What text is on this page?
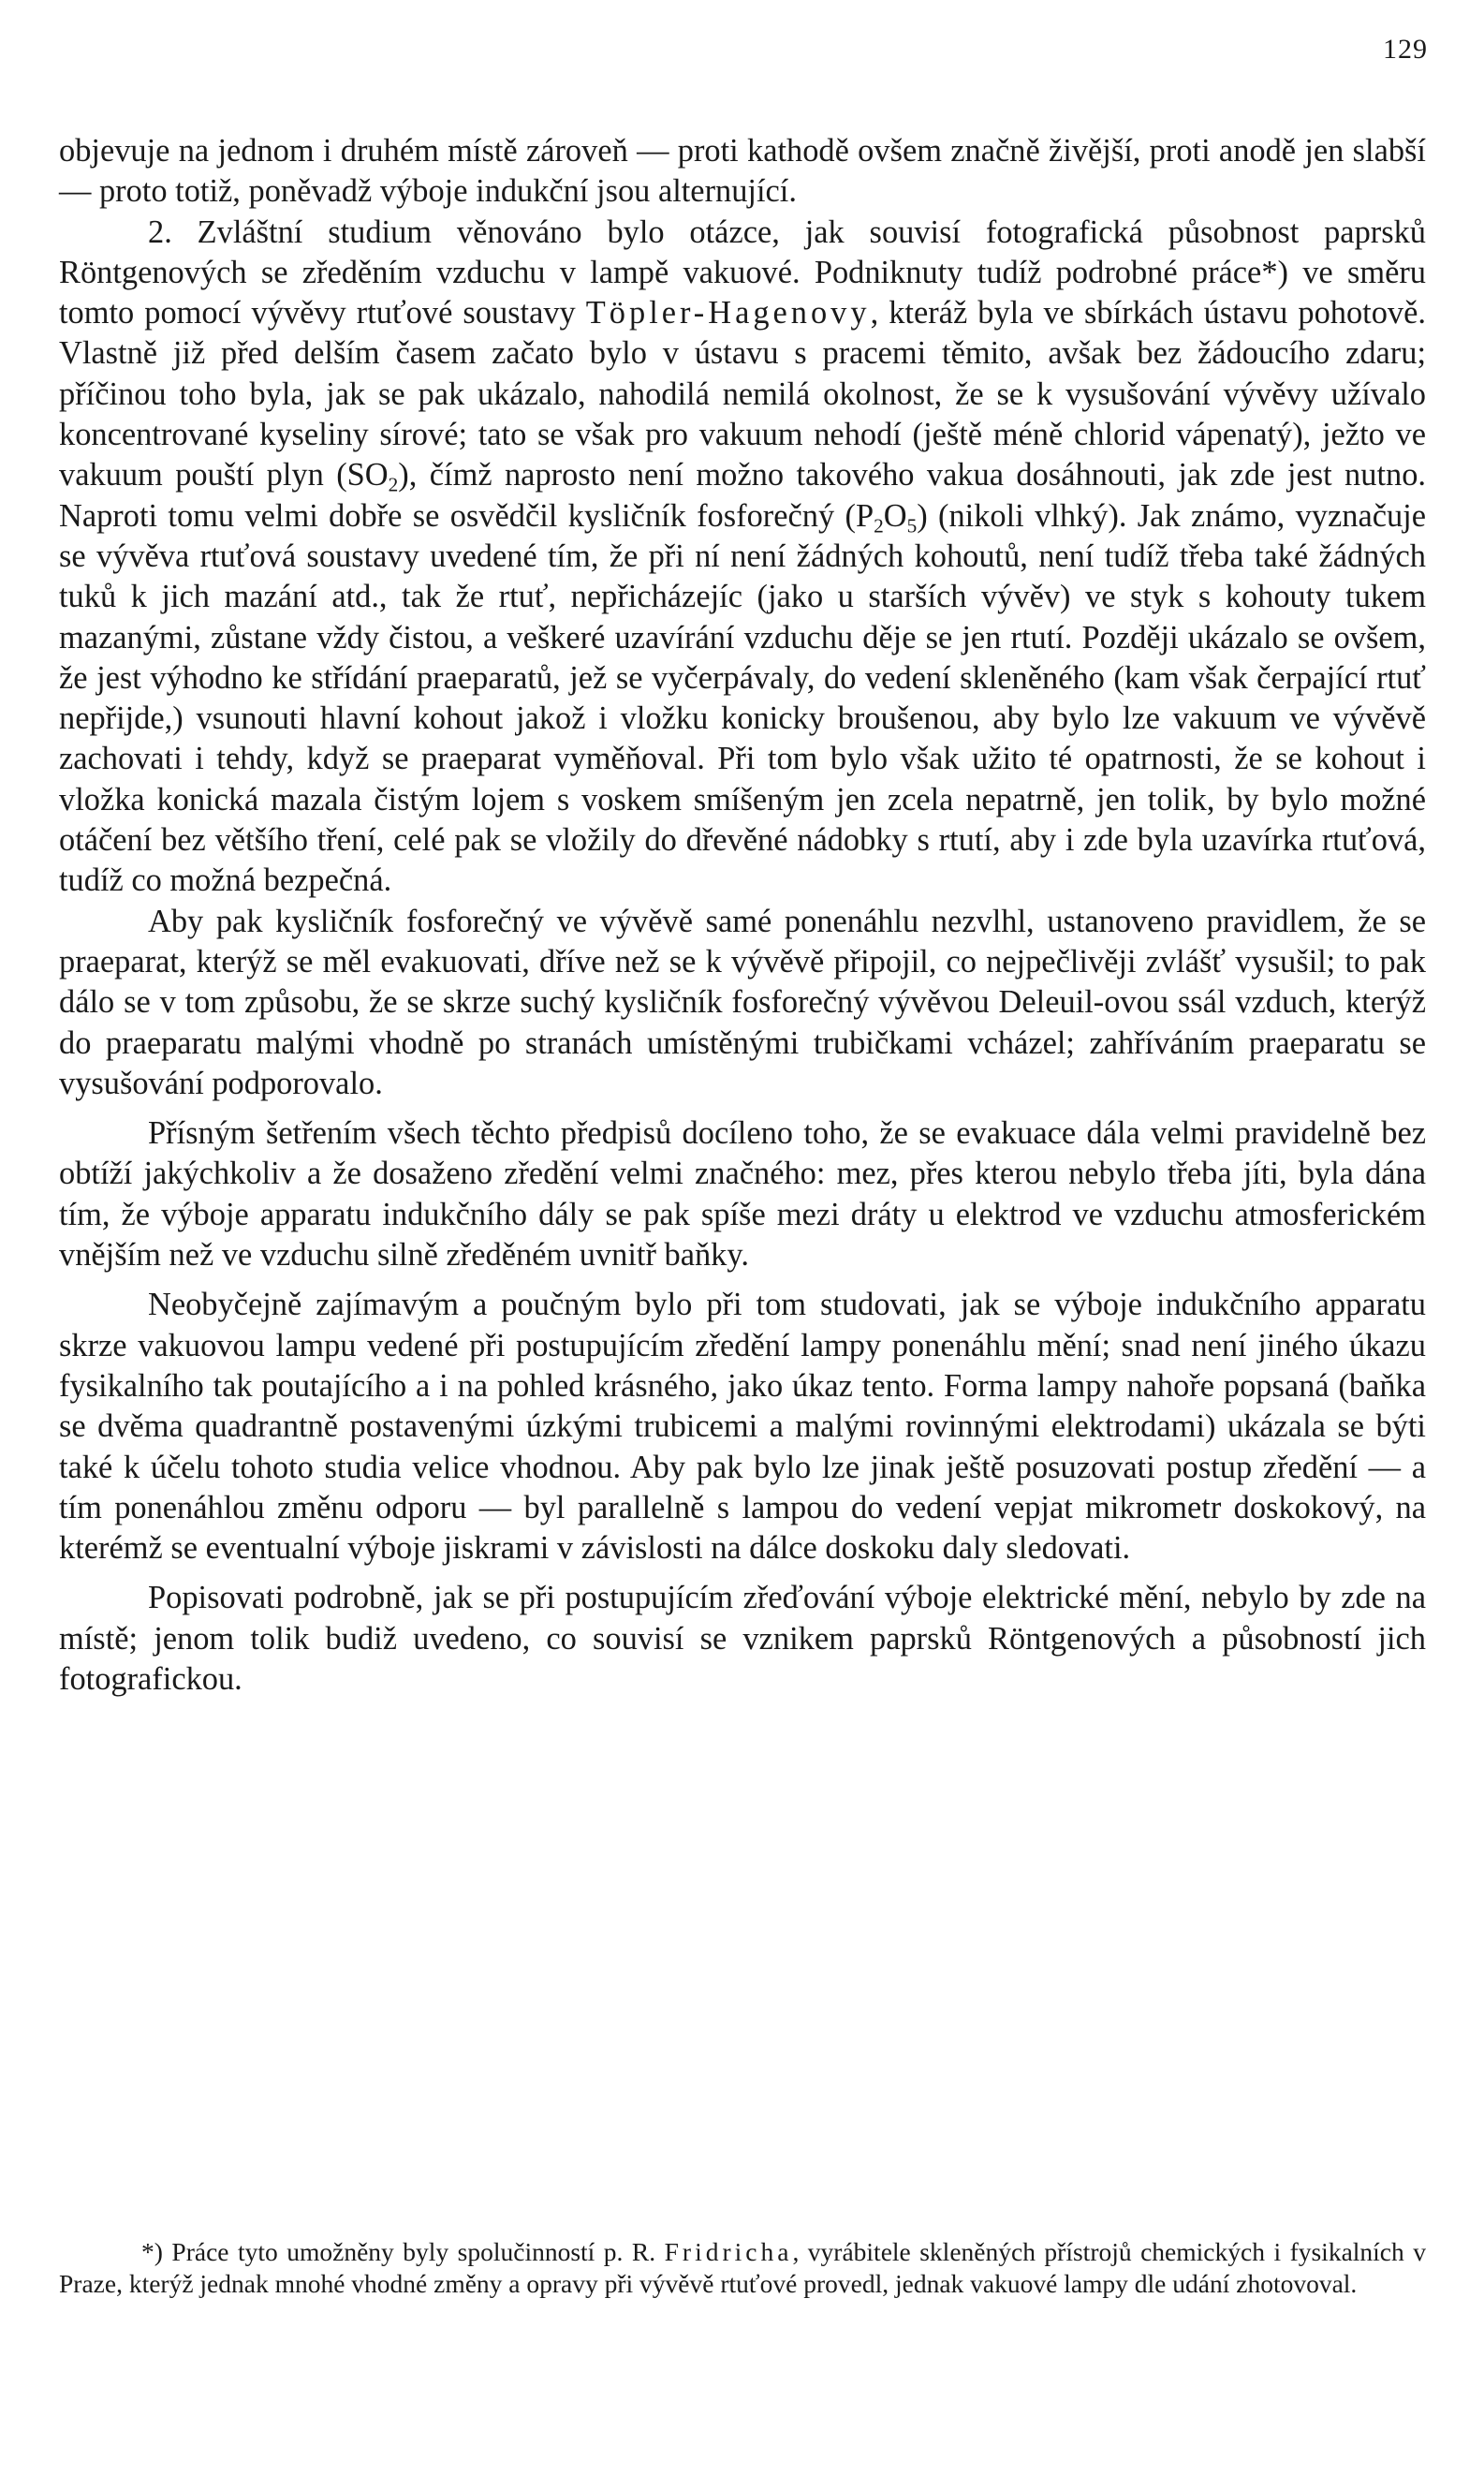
129

objevuje na jednom i druhém místě zároveň — proti kathodě ovšem značně živější, proti anodě jen slabší — proto totiž, poněvadž výboje indukční jsou alternující.

2. Zvláštní studium věnováno bylo otázce, jak souvisí fotografická působnost paprsků Röntgenových se zředěním vzduchu v lampě vakuové. Podniknuty tudíž podrobné práce*) ve směru tomto pomocí vývěvy rtuťové soustavy Töpler-Hagenovy, kteráž byla ve sbírkách ústavu pohotově. Vlastně již před delším časem začato bylo v ústavu s pracemi těmito, avšak bez žádoucího zdaru; příčinou toho byla, jak se pak ukázalo, nahodilá nemilá okolnost, že se k vysušování vývěvy užívalo koncentrované kyseliny sírové; tato se však pro vakuum nehodí (ještě méně chlorid vápenatý), ježto ve vakuum pouští plyn $(SO_2)$, čímž naprosto není možno takového vakua dosáhnouti, jak zde jest nutno. Naproti tomu velmi dobře se osvědčil kysličník fosforečný $(P_2O_5)$ (nikoli vlhký). Jak známo, vyznačuje se vývěva rtuťová soustavy uvedené tím, že při ní není žádných kohoutů, není tudíž třeba také žádných tuků k jich mazání atd., tak že rtuť, nepřicházejíc (jako u starších vývěv) ve styk s kohouty tukem mazanými, zůstane vždy čistou, a veškeré uzavírání vzduchu děje se jen rtutí. Později ukázalo se ovšem, že jest výhodno ke střídání praeparatů, jež se vyčerpávaly, do vedení skleněného (kam však čerpající rtuť nepřijde,) vsunouti hlavní kohout jakož i vložku konicky broušenou, aby bylo lze vakuum ve vývěvě zachovati i tehdy, když se praeparat vyměňoval. Při tom bylo však užito té opatrnosti, že se kohout i vložka konická mazala čistým lojem s voskem smíšeným jen zcela nepatrně, jen tolik, by bylo možné otáčení bez většího tření, celé pak se vložily do dřevěné nádobky s rtutí, aby i zde byla uzavírka rtuťová, tudíž co možná bezpečná.

Aby pak kysličník fosforečný ve vývěvě samé ponenáhlu nezvlhl, ustanoveno pravidlem, že se praeparat, kterýž se měl evakuovati, dříve než se k vývěvě připojil, co nejpečlivěji zvlášť vysušil; to pak dálo se v tom způsobu, že se skrze suchý kysličník fosforečný vývěvou Deleuil-ovou ssál vzduch, kterýž do praeparatu malými vhodně po stranách umístěnými trubičkami vcházel; zahříváním praeparatu se vysušování podporovalo.

Přísným šetřením všech těchto předpisů docíleno toho, že se evakuace dála velmi pravidelně bez obtíží jakýchkoliv a že dosaženo zředění velmi značného: mez, přes kterou nebylo třeba jíti, byla dána tím, že výboje apparatu indukčního dály se pak spíše mezi dráty u elektrod ve vzduchu atmosferickém vnějším než ve vzduchu silně zředěném uvnitř baňky.

Neobyčejně zajímavým a poučným bylo při tom studovati, jak se výboje indukčního apparatu skrze vakuovou lampu vedené při postupujícím zředění lampy ponenáhlu mění; snad není jiného úkazu fysikalního tak poutajícího a i na pohled krásného, jako úkaz tento. Forma lampy nahoře popsaná (baňka se dvěma quadrantně postavenými úzkými trubicemi a malými rovinnými elektrodami) ukázala se býti také k účelu tohoto studia velice vhodnou. Aby pak bylo lze jinak ještě posuzovati postup zředění — a tím ponenáhlou změnu odporu — byl parallelně s lampou do vedení vepjat mikrometr doskokový, na kterémž se eventualní výboje jiskrami v závislosti na dálce doskoku daly sledovati.

Popisovati podrobně, jak se při postupujícím zřeďování výboje elektrické mění, nebylo by zde na místě; jenom tolik budiž uvedeno, co souvisí se vznikem paprsků Röntgenových a působností jich fotografickou.

*) Práce tyto umožněny byly spolučinností p. R. Fridricha, vyrábitele skleněných přístrojů chemických i fysikalních v Praze, kterýž jednak mnohé vhodné změny a opravy při vývěvě rtuťové provedl, jednak vakuové lampy dle udání zhotovoval.
